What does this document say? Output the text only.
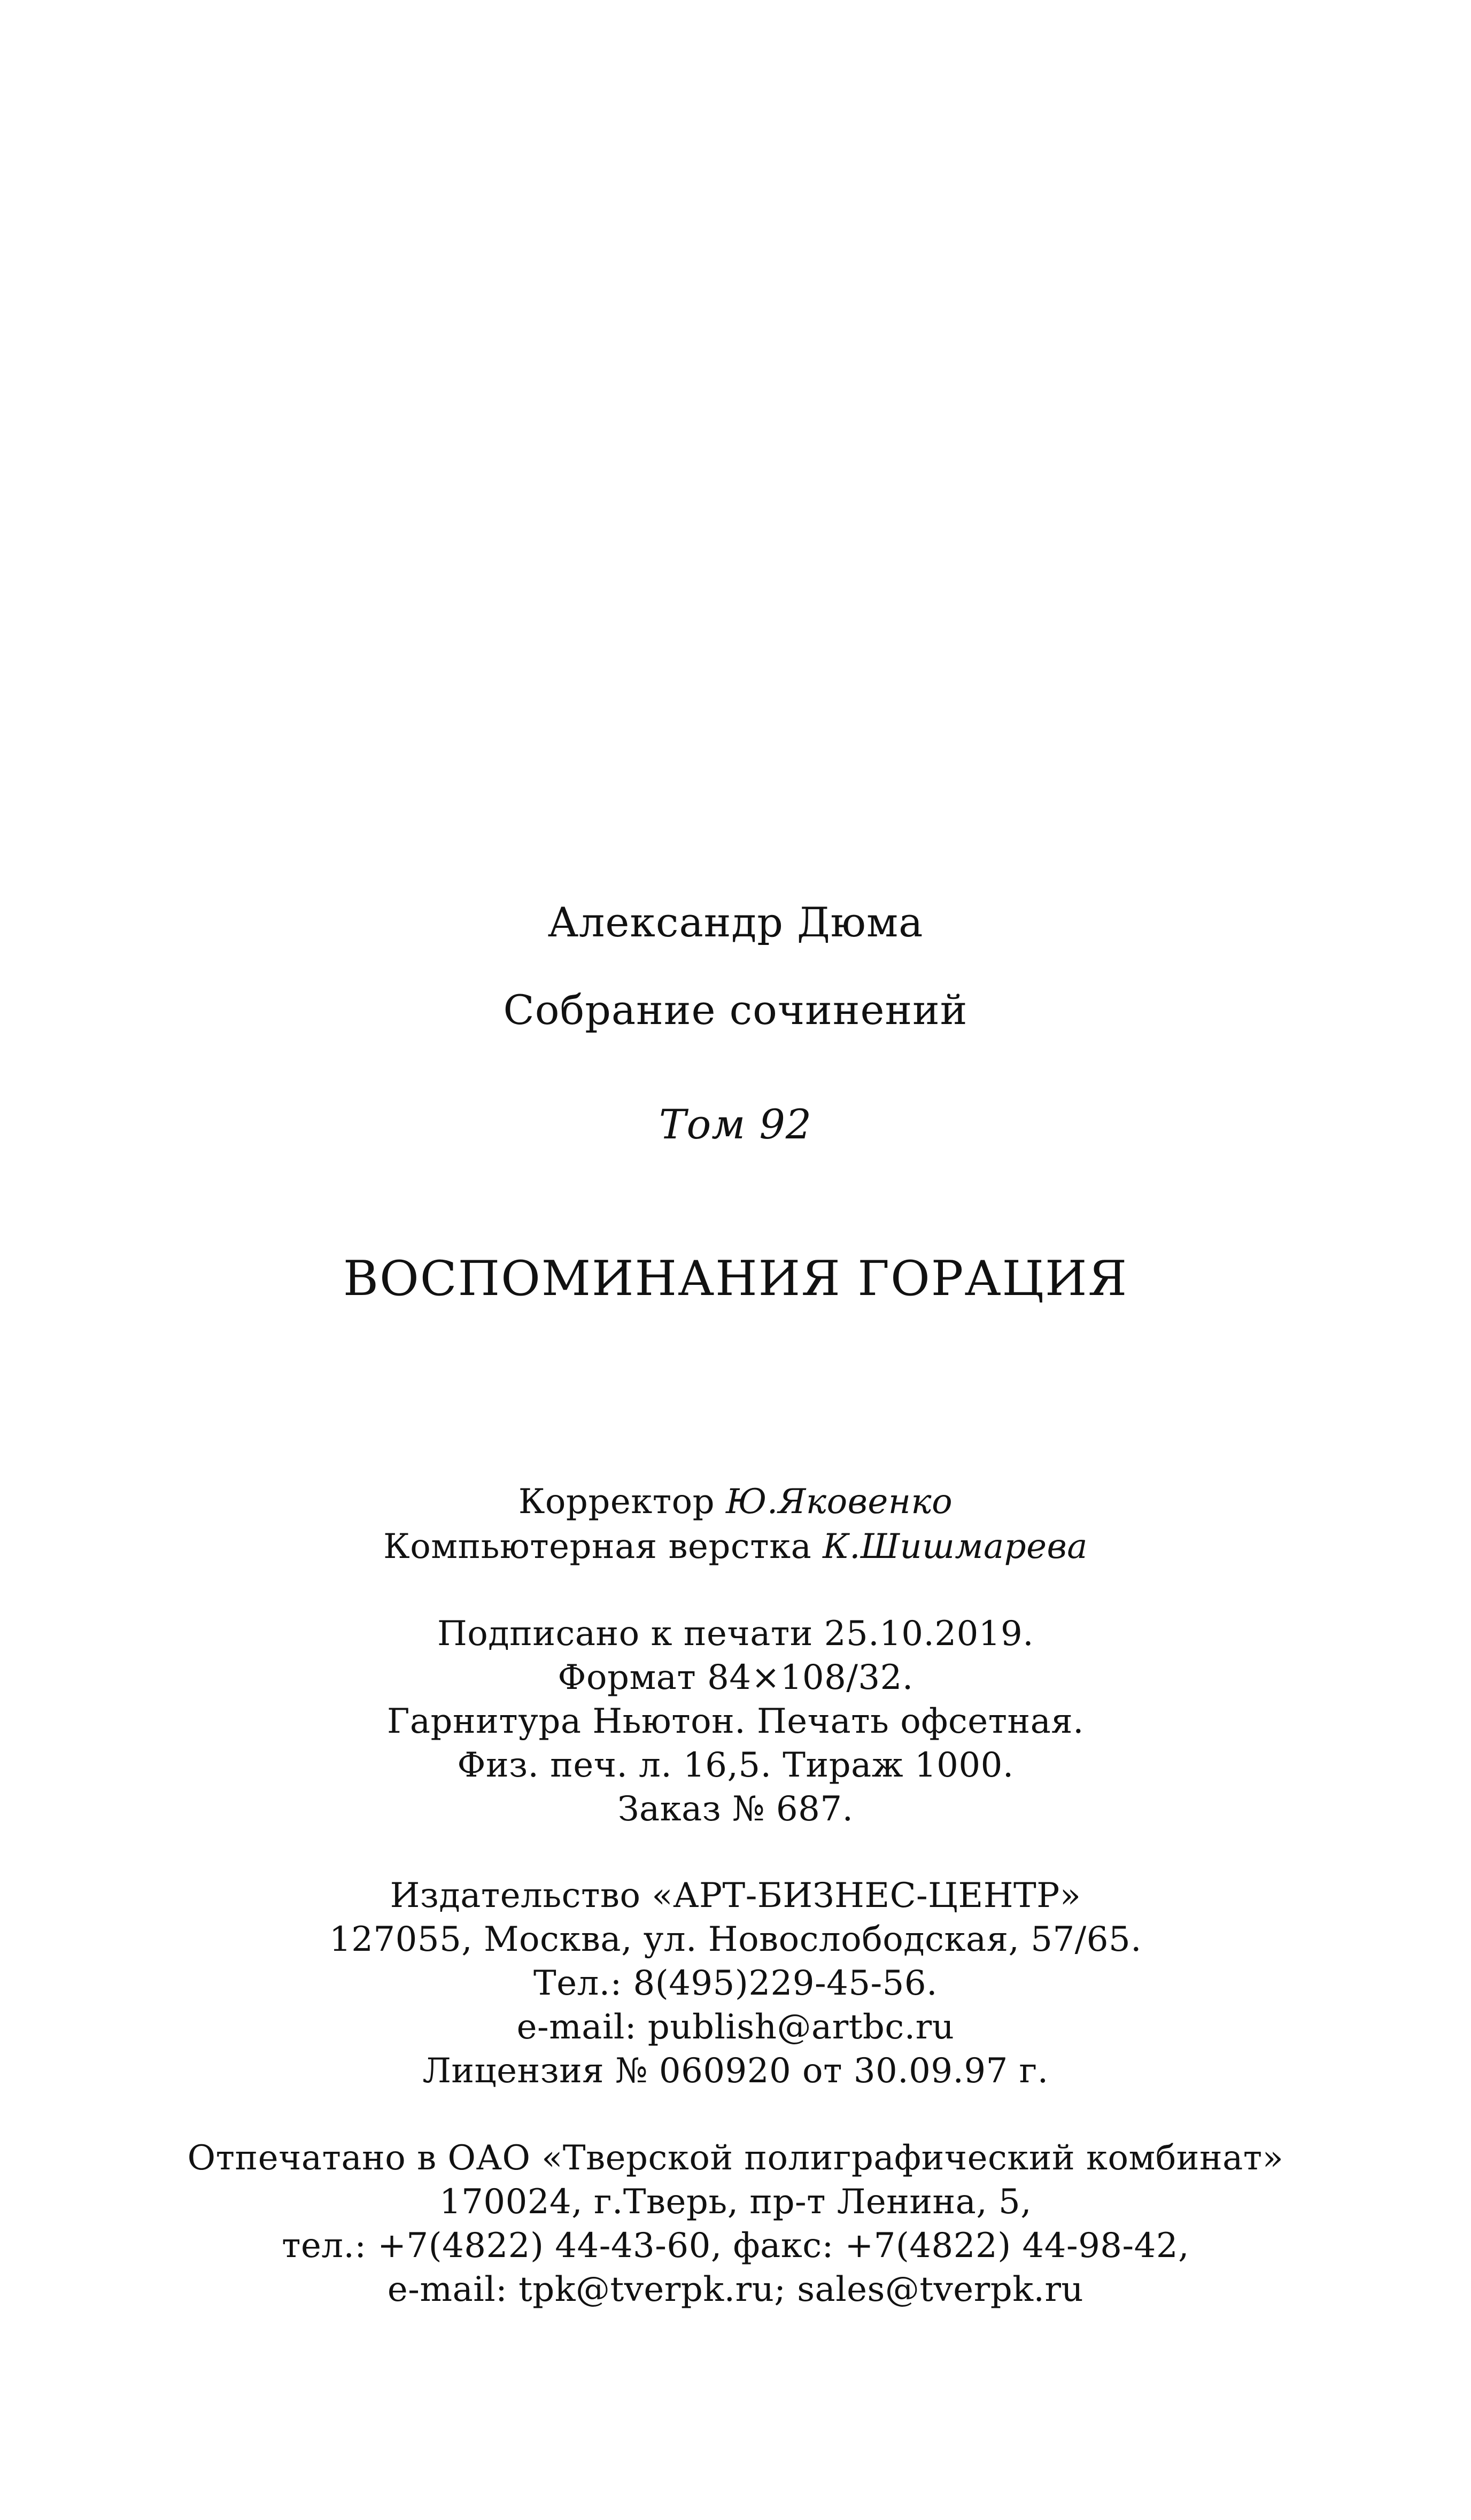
Александр Дюма
Собрание сочинений
Том 92
ВОСПОМИНАНИЯ ГОРАЦИЯ
Корректор Ю.Яковенко
Компьютерная верстка К.Шишмарева
Подписано к печати 25.10.2019.
Формат 84×108/32.
Гарнитура Ньютон. Печать офсетная.
Физ. печ. л. 16,5. Тираж 1000.
Заказ № 687.
Издательство «АРТ-БИЗНЕС-ЦЕНТР»
127055, Москва, ул. Новослободская, 57/65.
Тел.: 8(495)229-45-56.
e-mail: publish@artbc.ru
Лицензия № 060920 от 30.09.97 г.
Отпечатано в ОАО «Тверской полиграфический комбинат»
170024, г.Тверь, пр-т Ленина, 5,
тел.: +7(4822) 44-43-60, факс: +7(4822) 44-98-42,
e-mail: tpk@tverpk.ru; sales@tverpk.ru
